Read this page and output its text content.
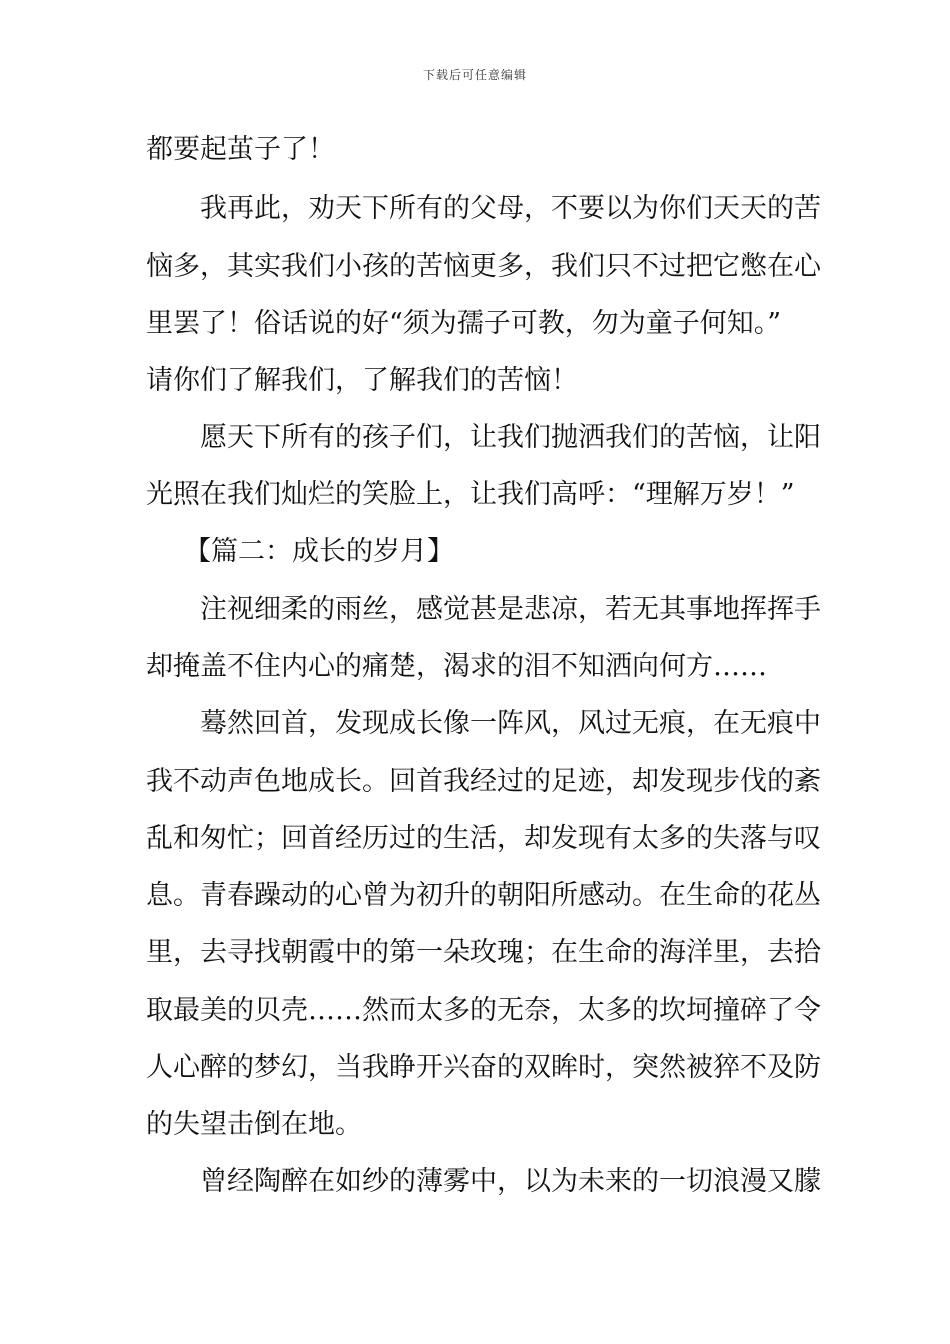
下载后可任意编辑
都要起茧子了！
我再此，劝天下所有的父母，不要以为你们天天的苦
恼多，其实我们小孩的苦恼更多，我们只不过把它憋在心
里罢了！俗话说的好“须为孺子可教，勿为童子何知。”
请你们了解我们，了解我们的苦恼！
愿天下所有的孩子们，让我们抛洒我们的苦恼，让阳
光照在我们灿烂的笑脸上，让我们高呼：“理解万岁！”
【篇二：成长的岁月】
注视细柔的雨丝，感觉甚是悲凉，若无其事地挥挥手
却掩盖不住内心的痛楚，渴求的泪不知洒向何方……
蓦然回首，发现成长像一阵风，风过无痕，在无痕中
我不动声色地成长。回首我经过的足迹，却发现步伐的紊
乱和匆忙；回首经历过的生活，却发现有太多的失落与叹
息。青春躁动的心曾为初升的朝阳所感动。在生命的花丛
里，去寻找朝霞中的第一朵玫瑰；在生命的海洋里，去拾
取最美的贝壳……然而太多的无奈，太多的坎坷撞碎了令
人心醉的梦幻，当我睁开兴奋的双眸时，突然被猝不及防
的失望击倒在地。
曾经陶醉在如纱的薄雾中，以为未来的一切浪漫又朦
